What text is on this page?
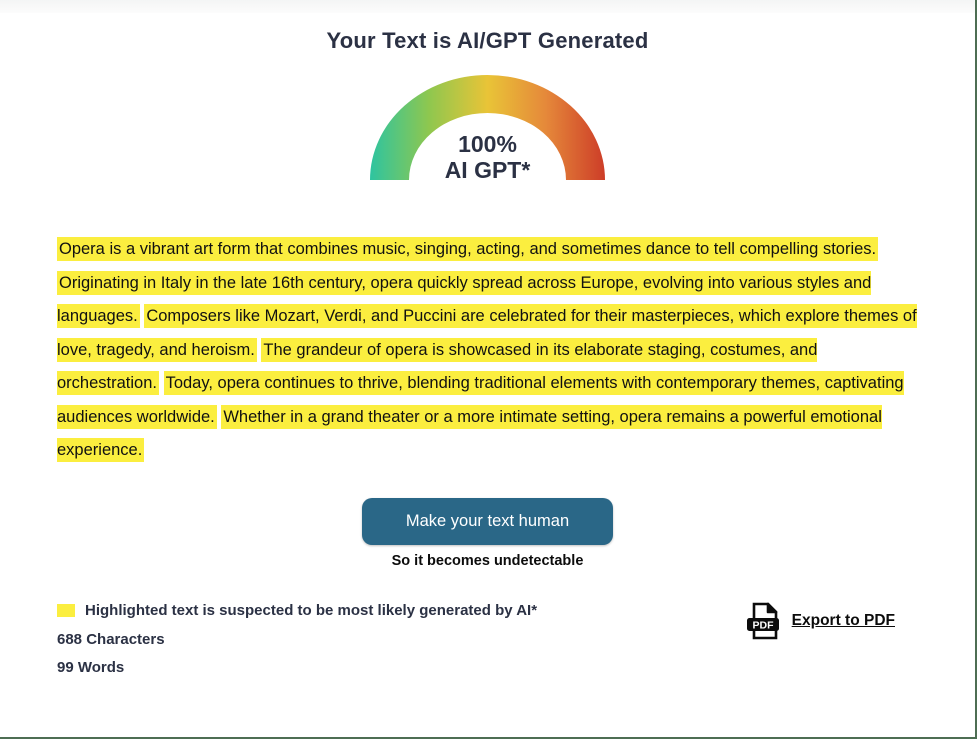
Your Text is AI/GPT Generated
100%
AI GPT*

Opera is a vibrant art form that combines music, singing, acting, and sometimes dance to tell compelling stories. Originating in Italy in the late 16th century, opera quickly spread across Europe, evolving into various styles and languages. Composers like Mozart, Verdi, and Puccini are celebrated for their masterpieces, which explore themes of love, tragedy, and heroism. The grandeur of opera is showcased in its elaborate staging, costumes, and orchestration. Today, opera continues to thrive, blending traditional elements with contemporary themes, captivating audiences worldwide. Whether in a grand theater or a more intimate setting, opera remains a powerful emotional experience.

Make your text human
So it becomes undetectable
Highlighted text is suspected to be most likely generated by AI*
688 Characters
99 Words
PDF Export to PDF
